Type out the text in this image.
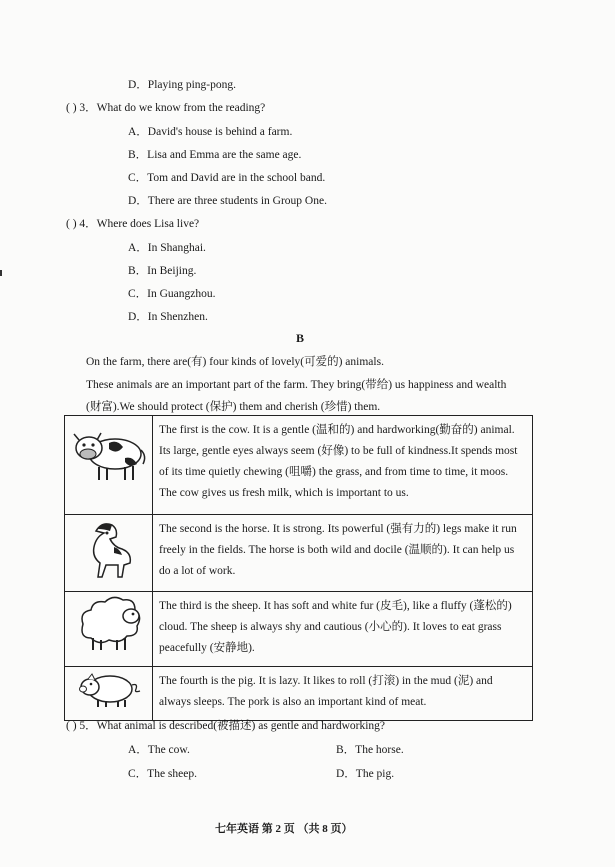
D．Playing ping-pong.
( ) 3．What do we know from the reading?
A．David's house is behind a farm.
B．Lisa and Emma are the same age.
C．Tom and David are in the school band.
D．There are three students in Group One.
( ) 4．Where does Lisa live?
A．In Shanghai.
B．In Beijing.
C．In Guangzhou.
D．In Shenzhen.
B
On the farm, there are(有) four kinds of lovely(可爱的) animals.
These animals are an important part of the farm. They bring(带给) us happiness and wealth
(财富).We should protect (保护) them and cherish (珍惜) them.
	The first is the cow. It is a gentle (温和的) and hardworking(勤奋的) animal. Its large, gentle eyes always seem (好像) to be full of kindness.It spends most of its time quietly chewing (咀嚼) the grass, and from time to time, it moos. The cow gives us fresh milk, which is important to us.

	The second is the horse. It is strong. Its powerful (强有力的) legs make it run freely in the fields. The horse is both wild and docile (温顺的). It can help us do a lot of work.

	The third is the sheep. It has soft and white fur (皮毛), like a fluffy (蓬松的) cloud. The sheep is always shy and cautious (小心的). It loves to eat grass peacefully (安静地).

	The fourth is the pig. It is lazy. It likes to roll (打滚) in the mud (泥) and always sleeps. The pork is also an important kind of meat.
( ) 5．What animal is described(被描述) as gentle and hardworking?
A．The cow.	B．The horse.
C．The sheep.	D．The pig.
七年英语 第 2 页 （共 8 页）
